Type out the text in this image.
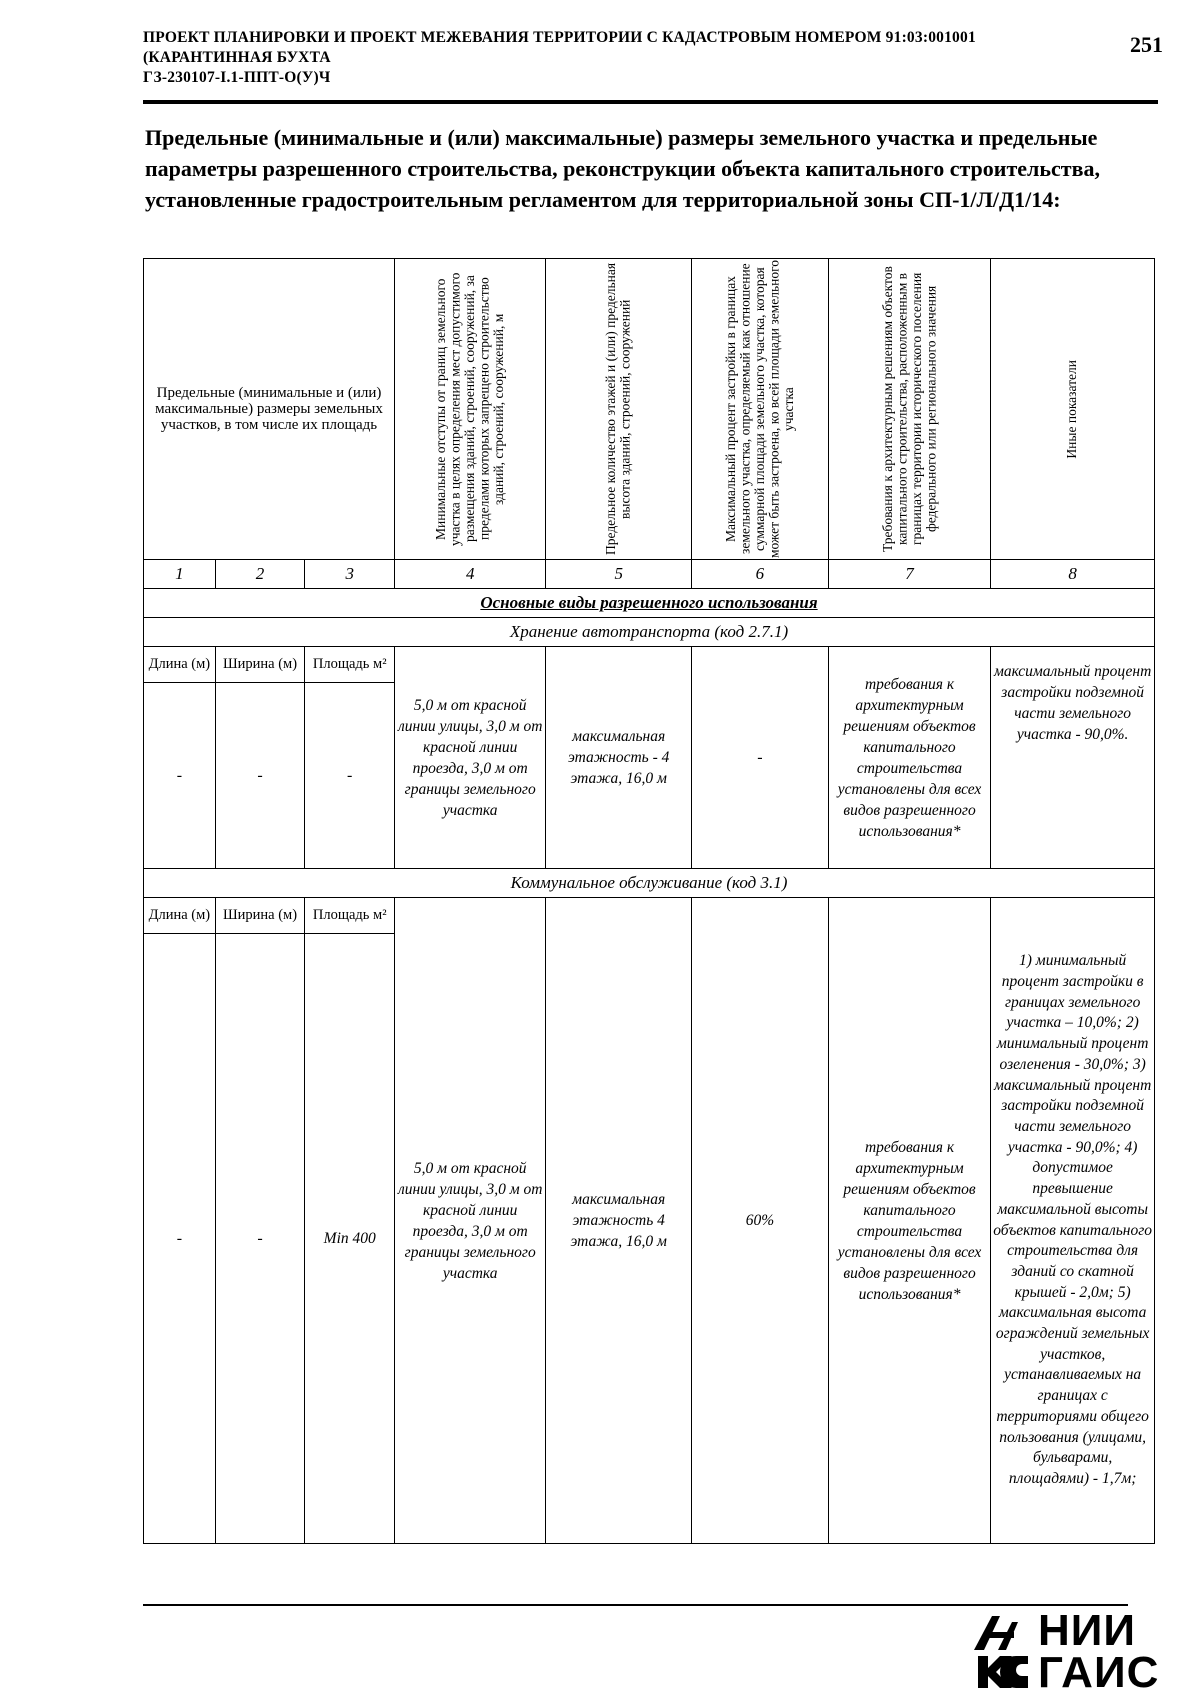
ПРОЕКТ ПЛАНИРОВКИ И ПРОЕКТ МЕЖЕВАНИЯ ТЕРРИТОРИИ С КАДАСТРОВЫМ НОМЕРОМ 91:03:001001
(КАРАНТИННАЯ БУХТА
ГЗ-230107-I.1-ППТ-О(У)Ч
251
Предельные (минимальные и (или) максимальные) размеры земельного участка и предельные параметры разрешенного строительства, реконструкции объекта капитального строительства, установленные градостроительным регламентом для территориальной зоны СП-1/Л/Д1/14:
Предельные (минимальные и (или) максимальные) размеры земельных участков, в том числе их площадь			Минимальные отступы от границ земельного участка в целях определения мест допустимого размещения зданий, строений, сооружений, за пределами которых запрещено строительство зданий, строений, сооружений, м	Предельное количество этажей и (или) предельная высота зданий, строений, сооружений	Максимальный процент застройки в границах земельного участка, определяемый как отношение суммарной площади земельного участка, которая может быть застроена, ко всей площади земельного участка	Требования к архитектурным решениям объектов капитального строительства, расположенным в границах территории исторического поселения федерального или регионального значения	Иные показатели

1	2	3	4	5	6	7	8
Основные виды разрешенного использования							
Хранение автотранспорта (код 2.7.1)							
Длина (м)	Ширина (м)	Площадь м²	5,0 м от красной линии улицы, 3,0 м от красной линии проезда, 3,0 м от границы земельного участка	максимальная этажность - 4 этажа, 16,0 м	-	требования к архитектурным решениям объектов капитального строительства установлены для всех видов разрешенного использования*	максимальный процент застройки подземной части земельного участка - 90,0%.
-	-	-					
Коммунальное обслуживание (код 3.1)							
Длина (м)	Ширина (м)	Площадь м²	5,0 м от красной линии улицы, 3,0 м от красной линии проезда, 3,0 м от границы земельного участка	максимальная этажность 4 этажа, 16,0 м	60%	требования к архитектурным решениям объектов капитального строительства установлены для всех видов разрешенного использования*	1) минимальный процент застройки в границах земельного участка – 10,0%; 2) минимальный процент озеленения - 30,0%; 3) максимальный процент застройки подземной части земельного участка - 90,0%; 4) допустимое превышение максимальной высоты объектов капитального строительства для зданий со скатной крышей - 2,0м; 5) максимальная высота ограждений земельных участков, устанавливаемых на границах с территориями общего пользования (улицами, бульварами, площадями) - 1,7м;
-	-	Min 400					
НИИ
ГАИС
